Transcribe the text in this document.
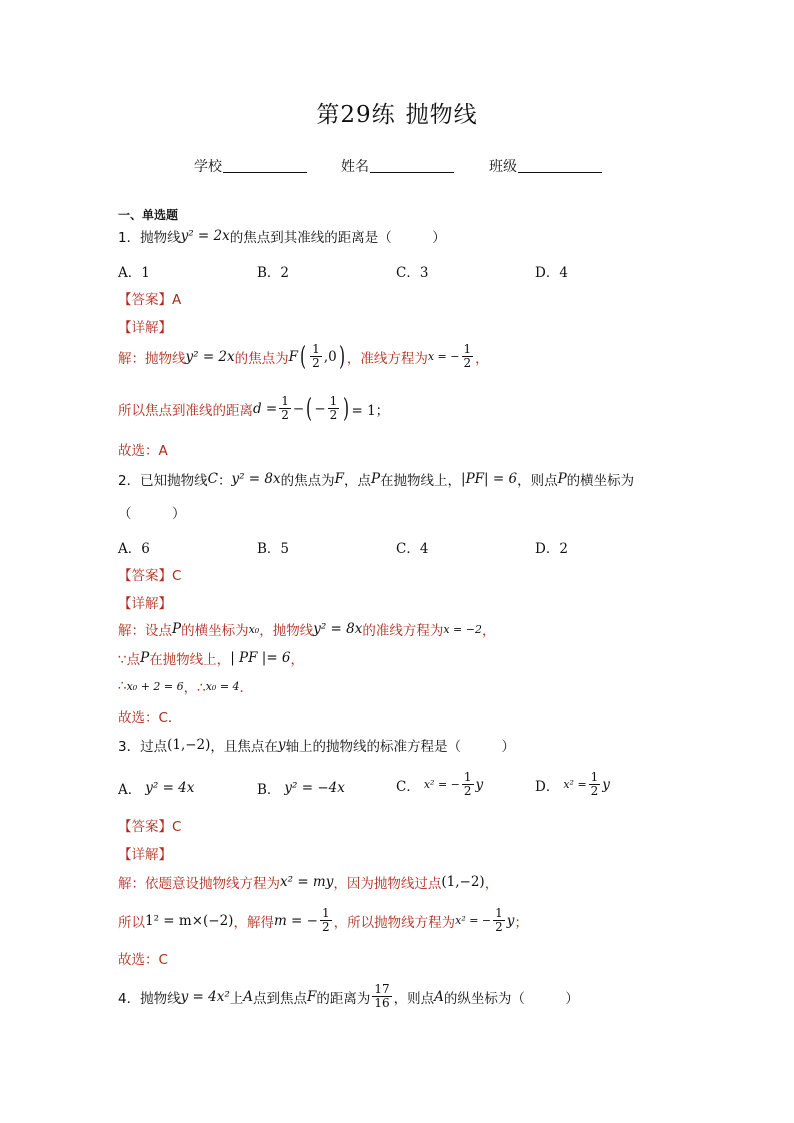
第29练 抛物线
学校	姓名	班级
一、单选题
1．抛物线 y² = 2x 的焦点到其准线的距离是（　　　）
A．1	B．2	C．3	D．4
【答案】A
【详解】
解：抛物线 y² = 2x 的焦点为 F ( $\frac{1}{2}$ , 0 ) ，准线方程为 x = − $\frac{1}{2}$ ，
所以焦点到准线的距离 $d = \frac{1}{2}$ − ( − $\frac{1}{2}$ ) = 1；
故选：A
2．已知抛物线 C ： y² = 8x 的焦点为 F ，点 P 在抛物线上， |PF| = 6 ，则点 P 的横坐标为
（　　　）
A．6	B．5	C．4	D．2
【答案】C
【详解】
解：设点 P 的横坐标为 x₀ ，抛物线 y² = 8x 的准线方程为 x = −2 ，
∵点 P 在抛物线上， | PF |= 6 ，
∴ x₀ + 2 = 6 ，∴ x₀ = 4 ．
故选：C．
3．过点 (1,−2) ，且焦点在 y 轴上的抛物线的标准方程是（　　　）
A． y² = 4x	B． y² = −4x	C． x² = − $\frac{1}{2}$ y	D． $x^2 = \frac{1}{2}$ y
【答案】C
【详解】
解：依题意设抛物线方程为 x² = my ，因为抛物线过点 (1,−2) ，
所以 1² = m×(−2) ，解得 m = − $\frac{1}{2}$ ，所以抛物线方程为 x² = − $\frac{1}{2}$ y ；
故选：C
4．抛物线 y = 4x² 上 A 点到焦点 F 的距离为 $\frac{17}{16}$ ，则点 A 的纵坐标为（　　　）
